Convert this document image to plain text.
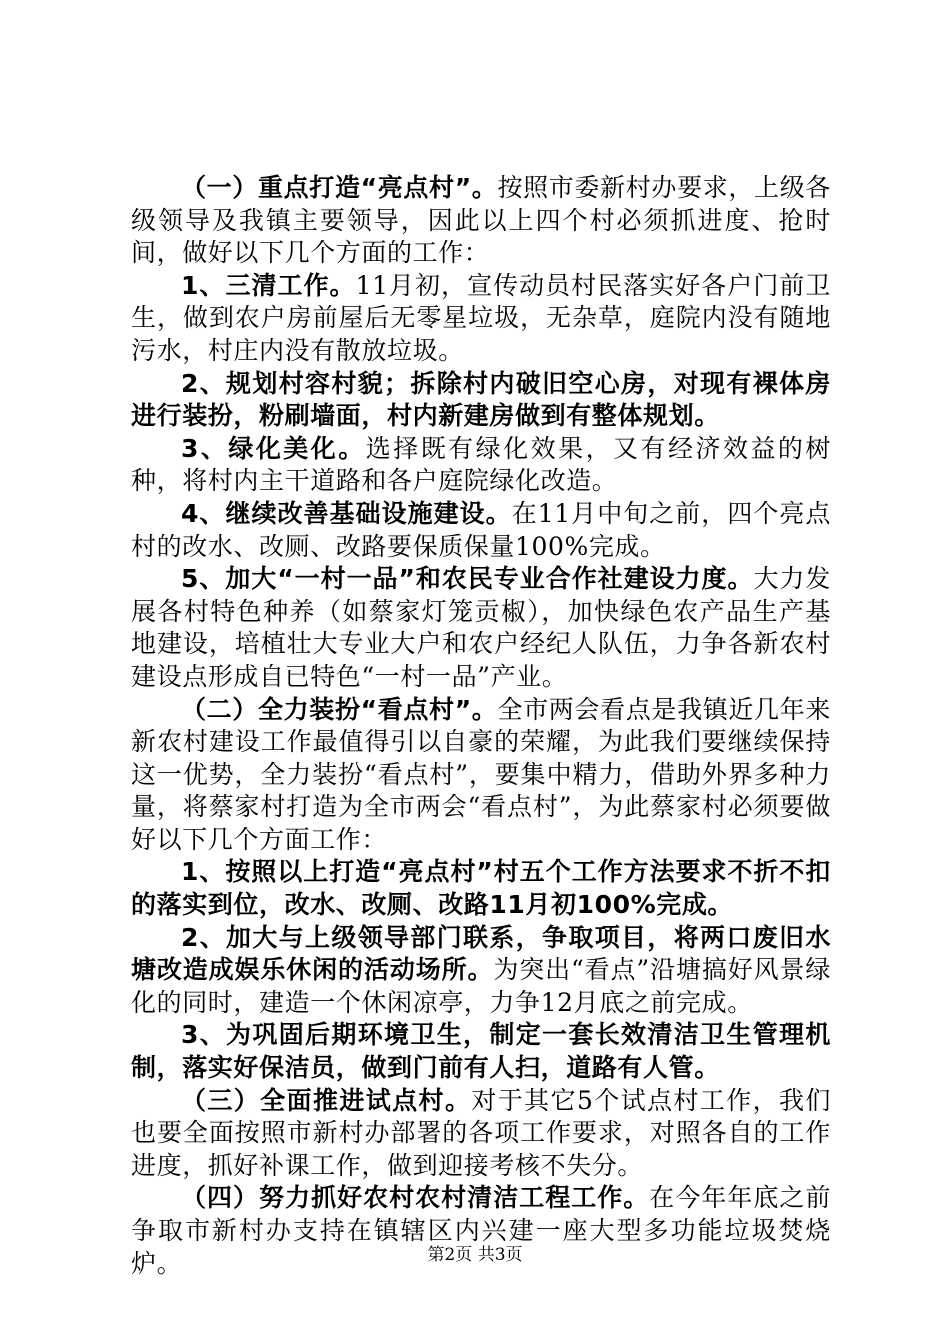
（一）重点打造“亮点村”。按照市委新村办要求，上级各级领导及我镇主要领导，因此以上四个村必须抓进度、抢时间，做好以下几个方面的工作：

1、三清工作。11月初，宣传动员村民落实好各户门前卫生，做到农户房前屋后无零星垃圾，无杂草，庭院内没有随地污水，村庄内没有散放垃圾。

2、规划村容村貌；拆除村内破旧空心房，对现有裸体房进行装扮，粉刷墙面，村内新建房做到有整体规划。

3、绿化美化。选择既有绿化效果，又有经济效益的树种，将村内主干道路和各户庭院绿化改造。

4、继续改善基础设施建设。在11月中旬之前，四个亮点村的改水、改厕、改路要保质保量100%完成。

5、加大“一村一品”和农民专业合作社建设力度。大力发展各村特色种养（如蔡家灯笼贡椒），加快绿色农产品生产基地建设，培植壮大专业大户和农户经纪人队伍，力争各新农村建设点形成自已特色“一村一品”产业。

（二）全力装扮“看点村”。全市两会看点是我镇近几年来新农村建设工作最值得引以自豪的荣耀，为此我们要继续保持这一优势，全力装扮“看点村”，要集中精力，借助外界多种力量，将蔡家村打造为全市两会“看点村”，为此蔡家村必须要做好以下几个方面工作：

1、按照以上打造“亮点村”村五个工作方法要求不折不扣的落实到位，改水、改厕、改路11月初100%完成。

2、加大与上级领导部门联系，争取项目，将两口废旧水塘改造成娱乐休闲的活动场所。为突出“看点”沿塘搞好风景绿化的同时，建造一个休闲凉亭，力争12月底之前完成。

3、为巩固后期环境卫生，制定一套长效清洁卫生管理机制，落实好保洁员，做到门前有人扫，道路有人管。

（三）全面推进试点村。对于其它5个试点村工作，我们也要全面按照市新村办部署的各项工作要求，对照各自的工作进度，抓好补课工作，做到迎接考核不失分。

（四）努力抓好农村农村清洁工程工作。在今年年底之前争取市新村办支持在镇辖区内兴建一座大型多功能垃圾焚烧炉。	第2页 共3页
